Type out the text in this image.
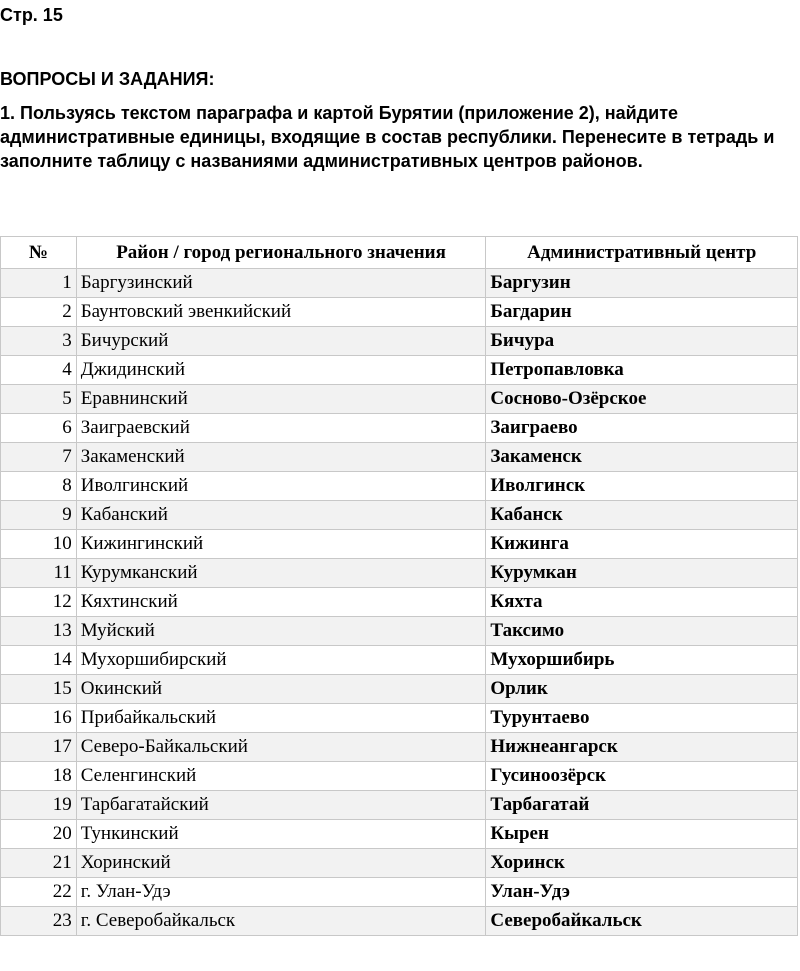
Стр. 15
ВОПРОСЫ И ЗАДАНИЯ:
1. Пользуясь текстом параграфа и картой Бурятии (приложение 2), найдите административные единицы, входящие в состав республики. Перенесите в тетрадь и заполните таблицу с названиями административных центров районов.
№	Район / город регионального значения	Административный центр
1	Баргузинский	Баргузин
2	Баунтовский эвенкийский	Багдарин
3	Бичурский	Бичура
4	Джидинский	Петропавловка
5	Еравнинский	Сосново-Озёрское
6	Заиграевский	Заиграево
7	Закаменский	Закаменск
8	Иволгинский	Иволгинск
9	Кабанский	Кабанск
10	Кижингинский	Кижинга
11	Курумканский	Курумкан
12	Кяхтинский	Кяхта
13	Муйский	Таксимо
14	Мухоршибирский	Мухоршибирь
15	Окинский	Орлик
16	Прибайкальский	Турунтаево
17	Северо-Байкальский	Нижнеангарск
18	Селенгинский	Гусиноозёрск
19	Тарбагатайский	Тарбагатай
20	Тункинский	Кырен
21	Хоринский	Хоринск
22	г. Улан-Удэ	Улан-Удэ
23	г. Северобайкальск	Северобайкальск
